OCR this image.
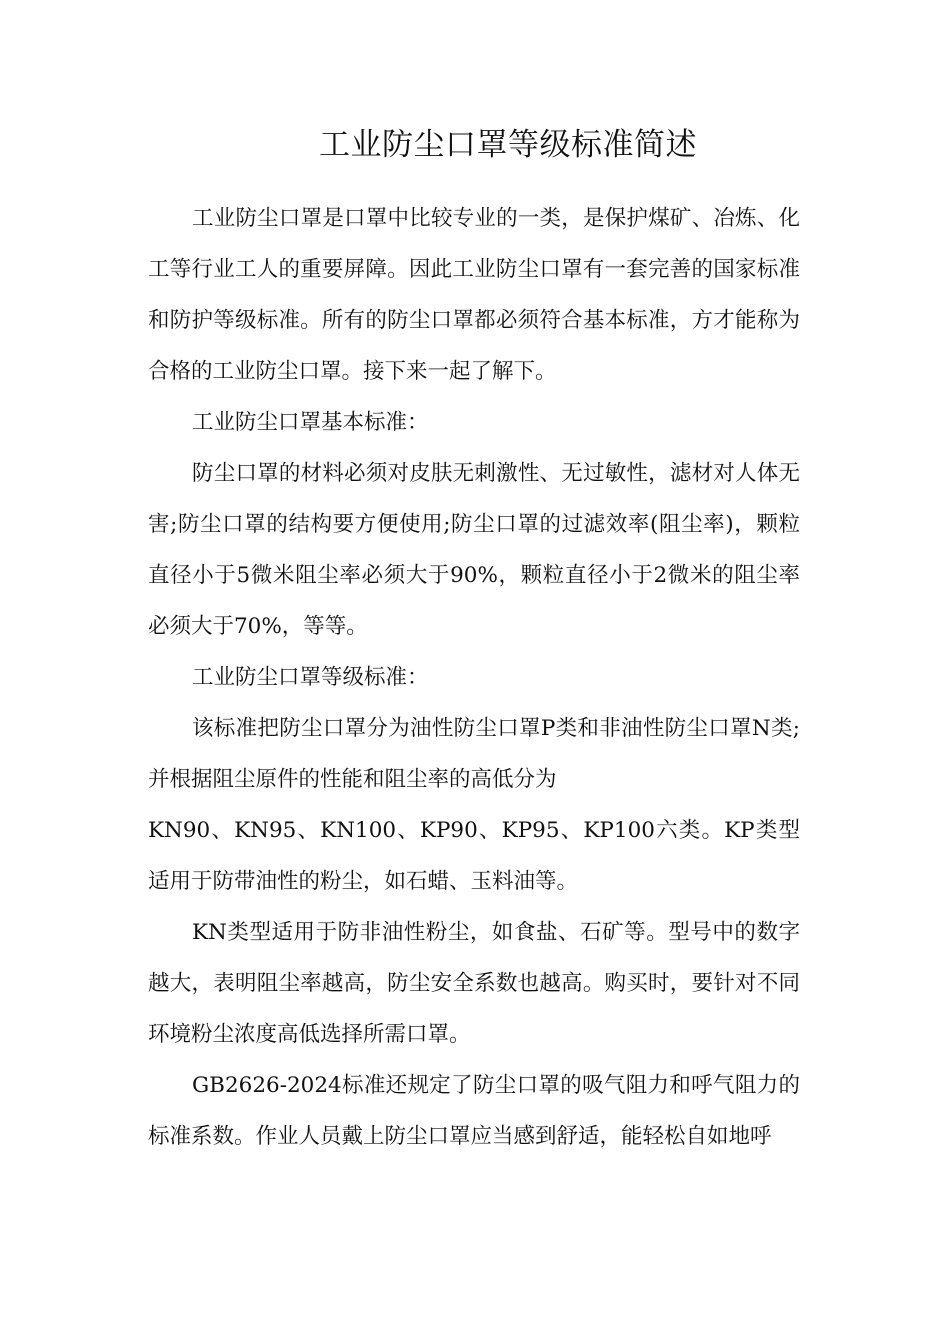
工业防尘口罩等级标准简述

工业防尘口罩是口罩中比较专业的一类，是保护煤矿、冶炼、化工等行业工人的重要屏障。因此工业防尘口罩有一套完善的国家标准和防护等级标准。所有的防尘口罩都必须符合基本标准，方才能称为合格的工业防尘口罩。接下来一起了解下。

工业防尘口罩基本标准：

防尘口罩的材料必须对皮肤无刺激性、无过敏性，滤材对人体无害;防尘口罩的结构要方便使用;防尘口罩的过滤效率(阻尘率)，颗粒直径小于5微米阻尘率必须大于90%，颗粒直径小于2微米的阻尘率必须大于70%，等等。

工业防尘口罩等级标准：

该标准把防尘口罩分为油性防尘口罩P类和非油性防尘口罩N类;并根据阻尘原件的性能和阻尘率的高低分为

KN90、KN95、KN100、KP90、KP95、KP100六类。KP类型适用于防带油性的粉尘，如石蜡、玉料油等。

KN类型适用于防非油性粉尘，如食盐、石矿等。型号中的数字越大，表明阻尘率越高，防尘安全系数也越高。购买时，要针对不同环境粉尘浓度高低选择所需口罩。

GB2626-2024标准还规定了防尘口罩的吸气阻力和呼气阻力的标准系数。作业人员戴上防尘口罩应当感到舒适，能轻松自如地呼
